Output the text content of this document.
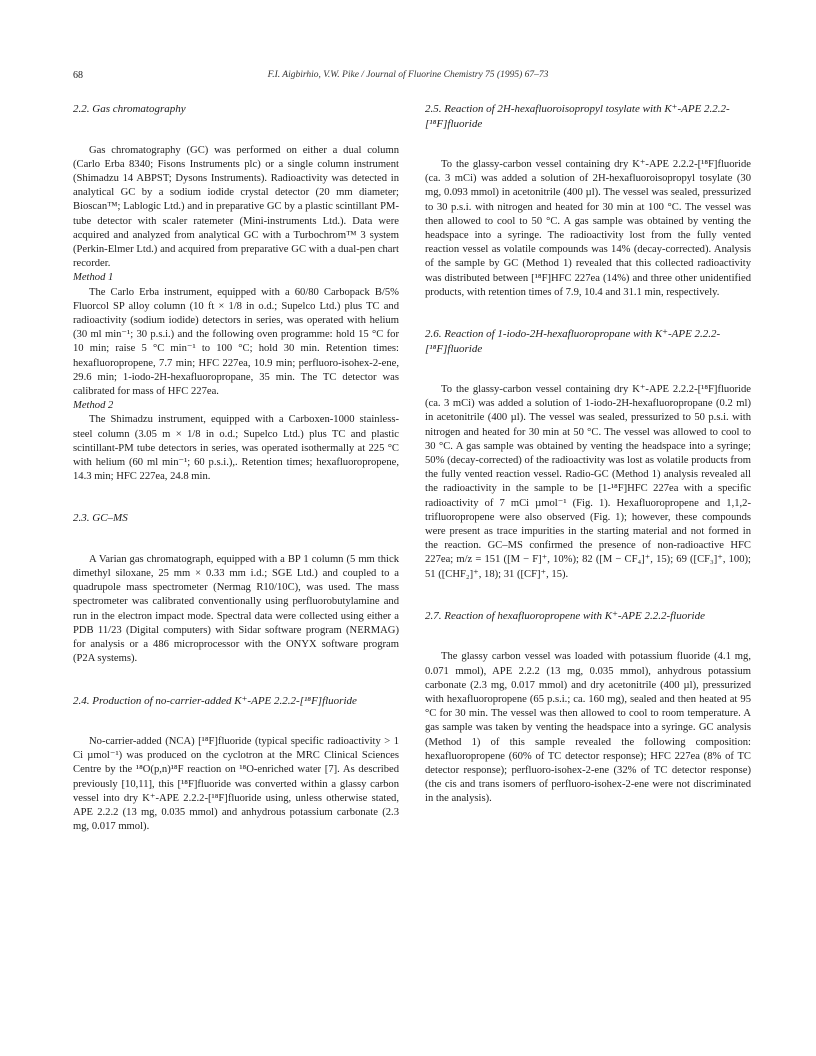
68	F.I. Aigbirhio, V.W. Pike / Journal of Fluorine Chemistry 75 (1995) 67–73

2.2. Gas chromatography

Gas chromatography (GC) was performed on either a dual column (Carlo Erba 8340; Fisons Instruments plc) or a single column instrument (Shimadzu 14 ABPST; Dysons Instruments). Radioactivity was detected in analytical GC by a sodium iodide crystal detector (20 mm diameter; Bioscan™; Lablogic Ltd.) and in preparative GC by a plastic scintillant PM-tube detector with scaler ratemeter (Mini-instruments Ltd.). Data were acquired and analyzed from analytical GC with a Turbochrom™ 3 system (Perkin-Elmer Ltd.) and acquired from preparative GC with a dual-pen chart recorder.

Method 1

The Carlo Erba instrument, equipped with a 60/80 Carbopack B/5% Fluorcol SP alloy column (10 ft × 1/8 in o.d.; Supelco Ltd.) plus TC and radioactivity (sodium iodide) detectors in series, was operated with helium (30 ml min⁻¹; 30 p.s.i.) and the following oven programme: hold 15 °C for 10 min; raise 5 °C min⁻¹ to 100 °C; hold 30 min. Retention times: hexafluoropropene, 7.7 min; HFC 227ea, 10.9 min; perfluoro-isohex-2-ene, 29.6 min; 1-iodo-2H-hexafluoropropane, 35 min. The TC detector was calibrated for mass of HFC 227ea.

Method 2

The Shimadzu instrument, equipped with a Carboxen-1000 stainless-steel column (3.05 m × 1/8 in o.d.; Supelco Ltd.) plus TC and plastic scintillant-PM tube detectors in series, was operated isothermally at 225 °C with helium (60 ml min⁻¹; 60 p.s.i.),. Retention times; hexafluoropropene, 14.3 min; HFC 227ea, 24.8 min.

2.3. GC–MS

A Varian gas chromatograph, equipped with a BP 1 column (5 mm thick dimethyl siloxane, 25 mm × 0.33 mm i.d.; SGE Ltd.) and coupled to a quadrupole mass spectrometer (Nermag R10/10C), was used. The mass spectrometer was calibrated conventionally using perfluorobutylamine and run in the electron impact mode. Spectral data were collected using either a PDB 11/23 (Digital computers) with Sidar software program (NERMAG) for analysis or a 486 microprocessor with the ONYX software program (P2A systems).

2.4. Production of no-carrier-added K⁺-APE 2.2.2-[¹⁸F]fluoride

No-carrier-added (NCA) [¹⁸F]fluoride (typical specific radioactivity > 1 Ci µmol⁻¹) was produced on the cyclotron at the MRC Clinical Sciences Centre by the ¹⁸O(p,n)¹⁸F reaction on ¹⁸O-enriched water [7]. As described previously [10,11], this [¹⁸F]fluoride was converted within a glassy carbon vessel into dry K⁺-APE 2.2.2-[¹⁸F]fluoride using, unless otherwise stated, APE 2.2.2 (13 mg, 0.035 mmol) and anhydrous potassium carbonate (2.3 mg, 0.017 mmol).

2.5. Reaction of 2H-hexafluoroisopropyl tosylate with K⁺-APE 2.2.2-[¹⁸F]fluoride

To the glassy-carbon vessel containing dry K⁺-APE 2.2.2-[¹⁸F]fluoride (ca. 3 mCi) was added a solution of 2H-hexafluoroisopropyl tosylate (30 mg, 0.093 mmol) in acetonitrile (400 µl). The vessel was sealed, pressurized to 30 p.s.i. with nitrogen and heated for 30 min at 100 °C. The vessel was then allowed to cool to 50 °C. A gas sample was obtained by venting the headspace into a syringe. The radioactivity lost from the fully vented reaction vessel as volatile compounds was 14% (decay-corrected). Analysis of the sample by GC (Method 1) revealed that this collected radioactivity was distributed between [¹⁸F]HFC 227ea (14%) and three other unidentified products, with retention times of 7.9, 10.4 and 31.1 min, respectively.

2.6. Reaction of 1-iodo-2H-hexafluoropropane with K⁺-APE 2.2.2-[¹⁸F]fluoride

To the glassy-carbon vessel containing dry K⁺-APE 2.2.2-[¹⁸F]fluoride (ca. 3 mCi) was added a solution of 1-iodo-2H-hexafluoropropane (0.2 ml) in acetonitrile (400 µl). The vessel was sealed, pressurized to 50 p.s.i. with nitrogen and heated for 30 min at 50 °C. The vessel was allowed to cool to 30 °C. A gas sample was obtained by venting the headspace into a syringe; 50% (decay-corrected) of the radioactivity was lost as volatile products from the fully vented reaction vessel. Radio-GC (Method 1) analysis revealed all the radioactivity in the sample to be [1-¹⁸F]HFC 227ea with a specific radioactivity of 7 mCi µmol⁻¹ (Fig. 1). Hexafluoropropene and 1,1,2-trifluoropropene were also observed (Fig. 1); however, these compounds were present as trace impurities in the starting material and not formed in the reaction. GC–MS confirmed the presence of non-radioactive HFC 227ea; m/z = 151 ([M − F]⁺, 10%); 82 ([M − CF₄]⁺, 15); 69 ([CF₃]⁺, 100); 51 ([CHF₂]⁺, 18); 31 ([CF]⁺, 15).

2.7. Reaction of hexafluoropropene with K⁺-APE 2.2.2-fluoride

The glassy carbon vessel was loaded with potassium fluoride (4.1 mg, 0.071 mmol), APE 2.2.2 (13 mg, 0.035 mmol), anhydrous potassium carbonate (2.3 mg, 0.017 mmol) and dry acetonitrile (400 µl), pressurized with hexafluoropropene (65 p.s.i.; ca. 160 mg), sealed and then heated at 95 °C for 30 min. The vessel was then allowed to cool to room temperature. A gas sample was taken by venting the headspace into a syringe. GC analysis (Method 1) of this sample revealed the following composition: hexafluoropropene (60% of TC detector response); HFC 227ea (8% of TC detector response); perfluoro-isohex-2-ene (32% of TC detector response) (the cis and trans isomers of perfluoro-isohex-2-ene were not discriminated in the analysis).
